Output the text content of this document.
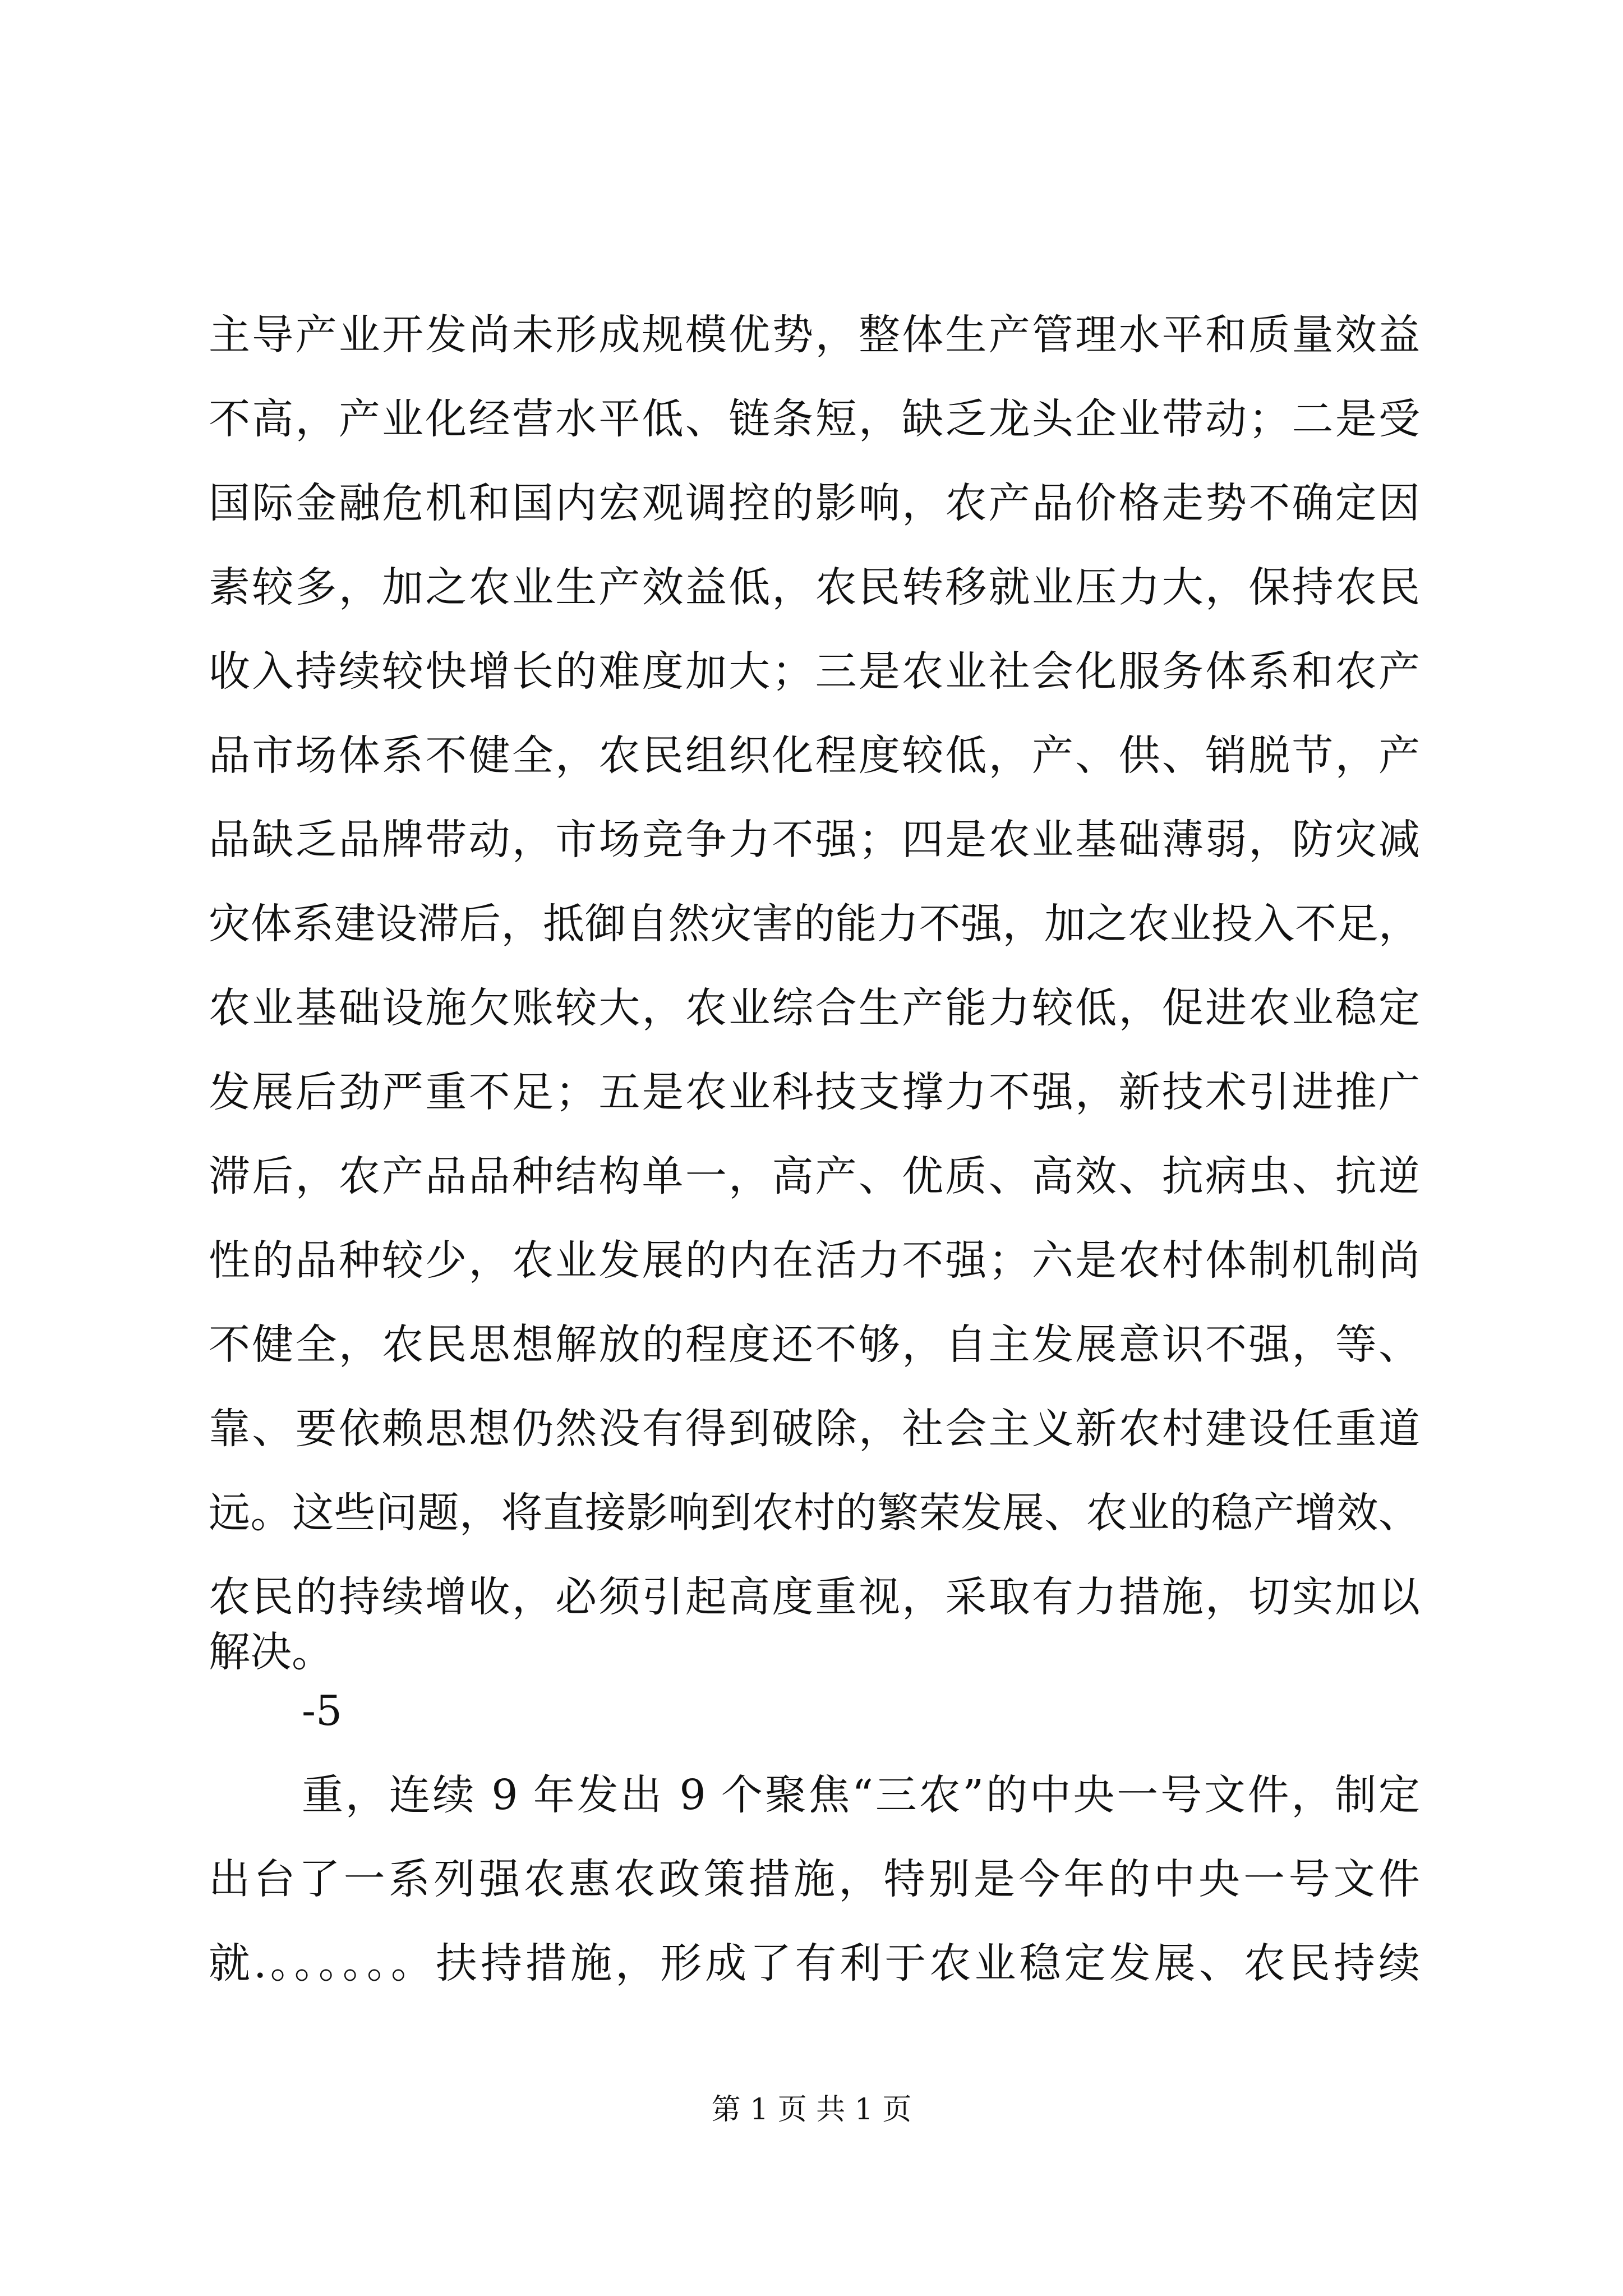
主导产业开发尚未形成规模优势，整体生产管理水平和质量效益
不高，产业化经营水平低、链条短，缺乏龙头企业带动；二是受
国际金融危机和国内宏观调控的影响，农产品价格走势不确定因
素较多，加之农业生产效益低，农民转移就业压力大，保持农民
收入持续较快增长的难度加大；三是农业社会化服务体系和农产
品市场体系不健全，农民组织化程度较低，产、供、销脱节，产
品缺乏品牌带动，市场竞争力不强；四是农业基础薄弱，防灾减
灾体系建设滞后，抵御自然灾害的能力不强，加之农业投入不足，
农业基础设施欠账较大，农业综合生产能力较低，促进农业稳定
发展后劲严重不足；五是农业科技支撑力不强，新技术引进推广
滞后，农产品品种结构单一，高产、优质、高效、抗病虫、抗逆
性的品种较少，农业发展的内在活力不强；六是农村体制机制尚
不健全，农民思想解放的程度还不够，自主发展意识不强，等、
靠、要依赖思想仍然没有得到破除，社会主义新农村建设任重道
远。这些问题，将直接影响到农村的繁荣发展、农业的稳产增效、
农民的持续增收，必须引起高度重视，采取有力措施，切实加以
解决。
-5
重，连续 9 年发出 9 个聚焦“三农”的中央一号文件，制定
出台了一系列强农惠农政策措施，特别是今年的中央一号文件
就.。。。。。。扶持措施，形成了有利于农业稳定发展、农民持续
第 1 页 共 1 页
